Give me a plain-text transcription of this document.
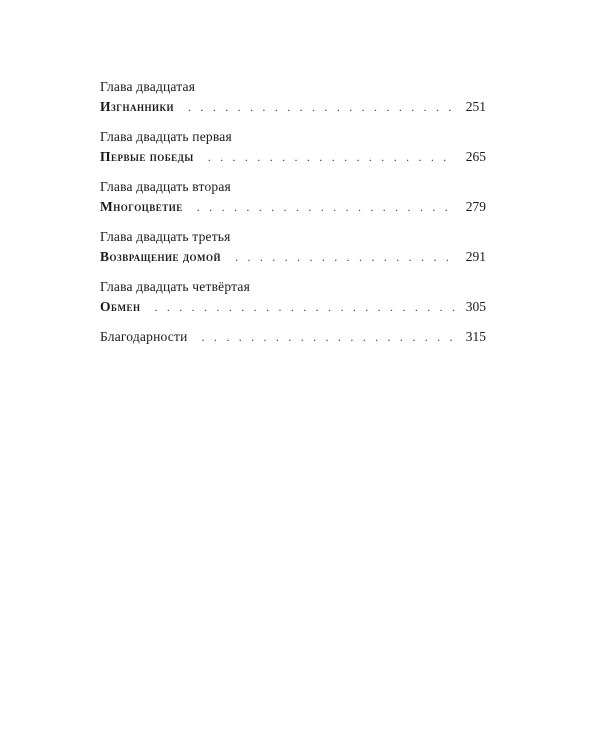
Глава двадцатая
Изгнанники . . .	251
Глава двадцать первая
Первые победы . . .	265
Глава двадцать вторая
Многоцветие . . .	279
Глава двадцать третья
Возвращение домой . . .	291
Глава двадцать четвёртая
Обмен . . .	305
Благодарности . . .	315
